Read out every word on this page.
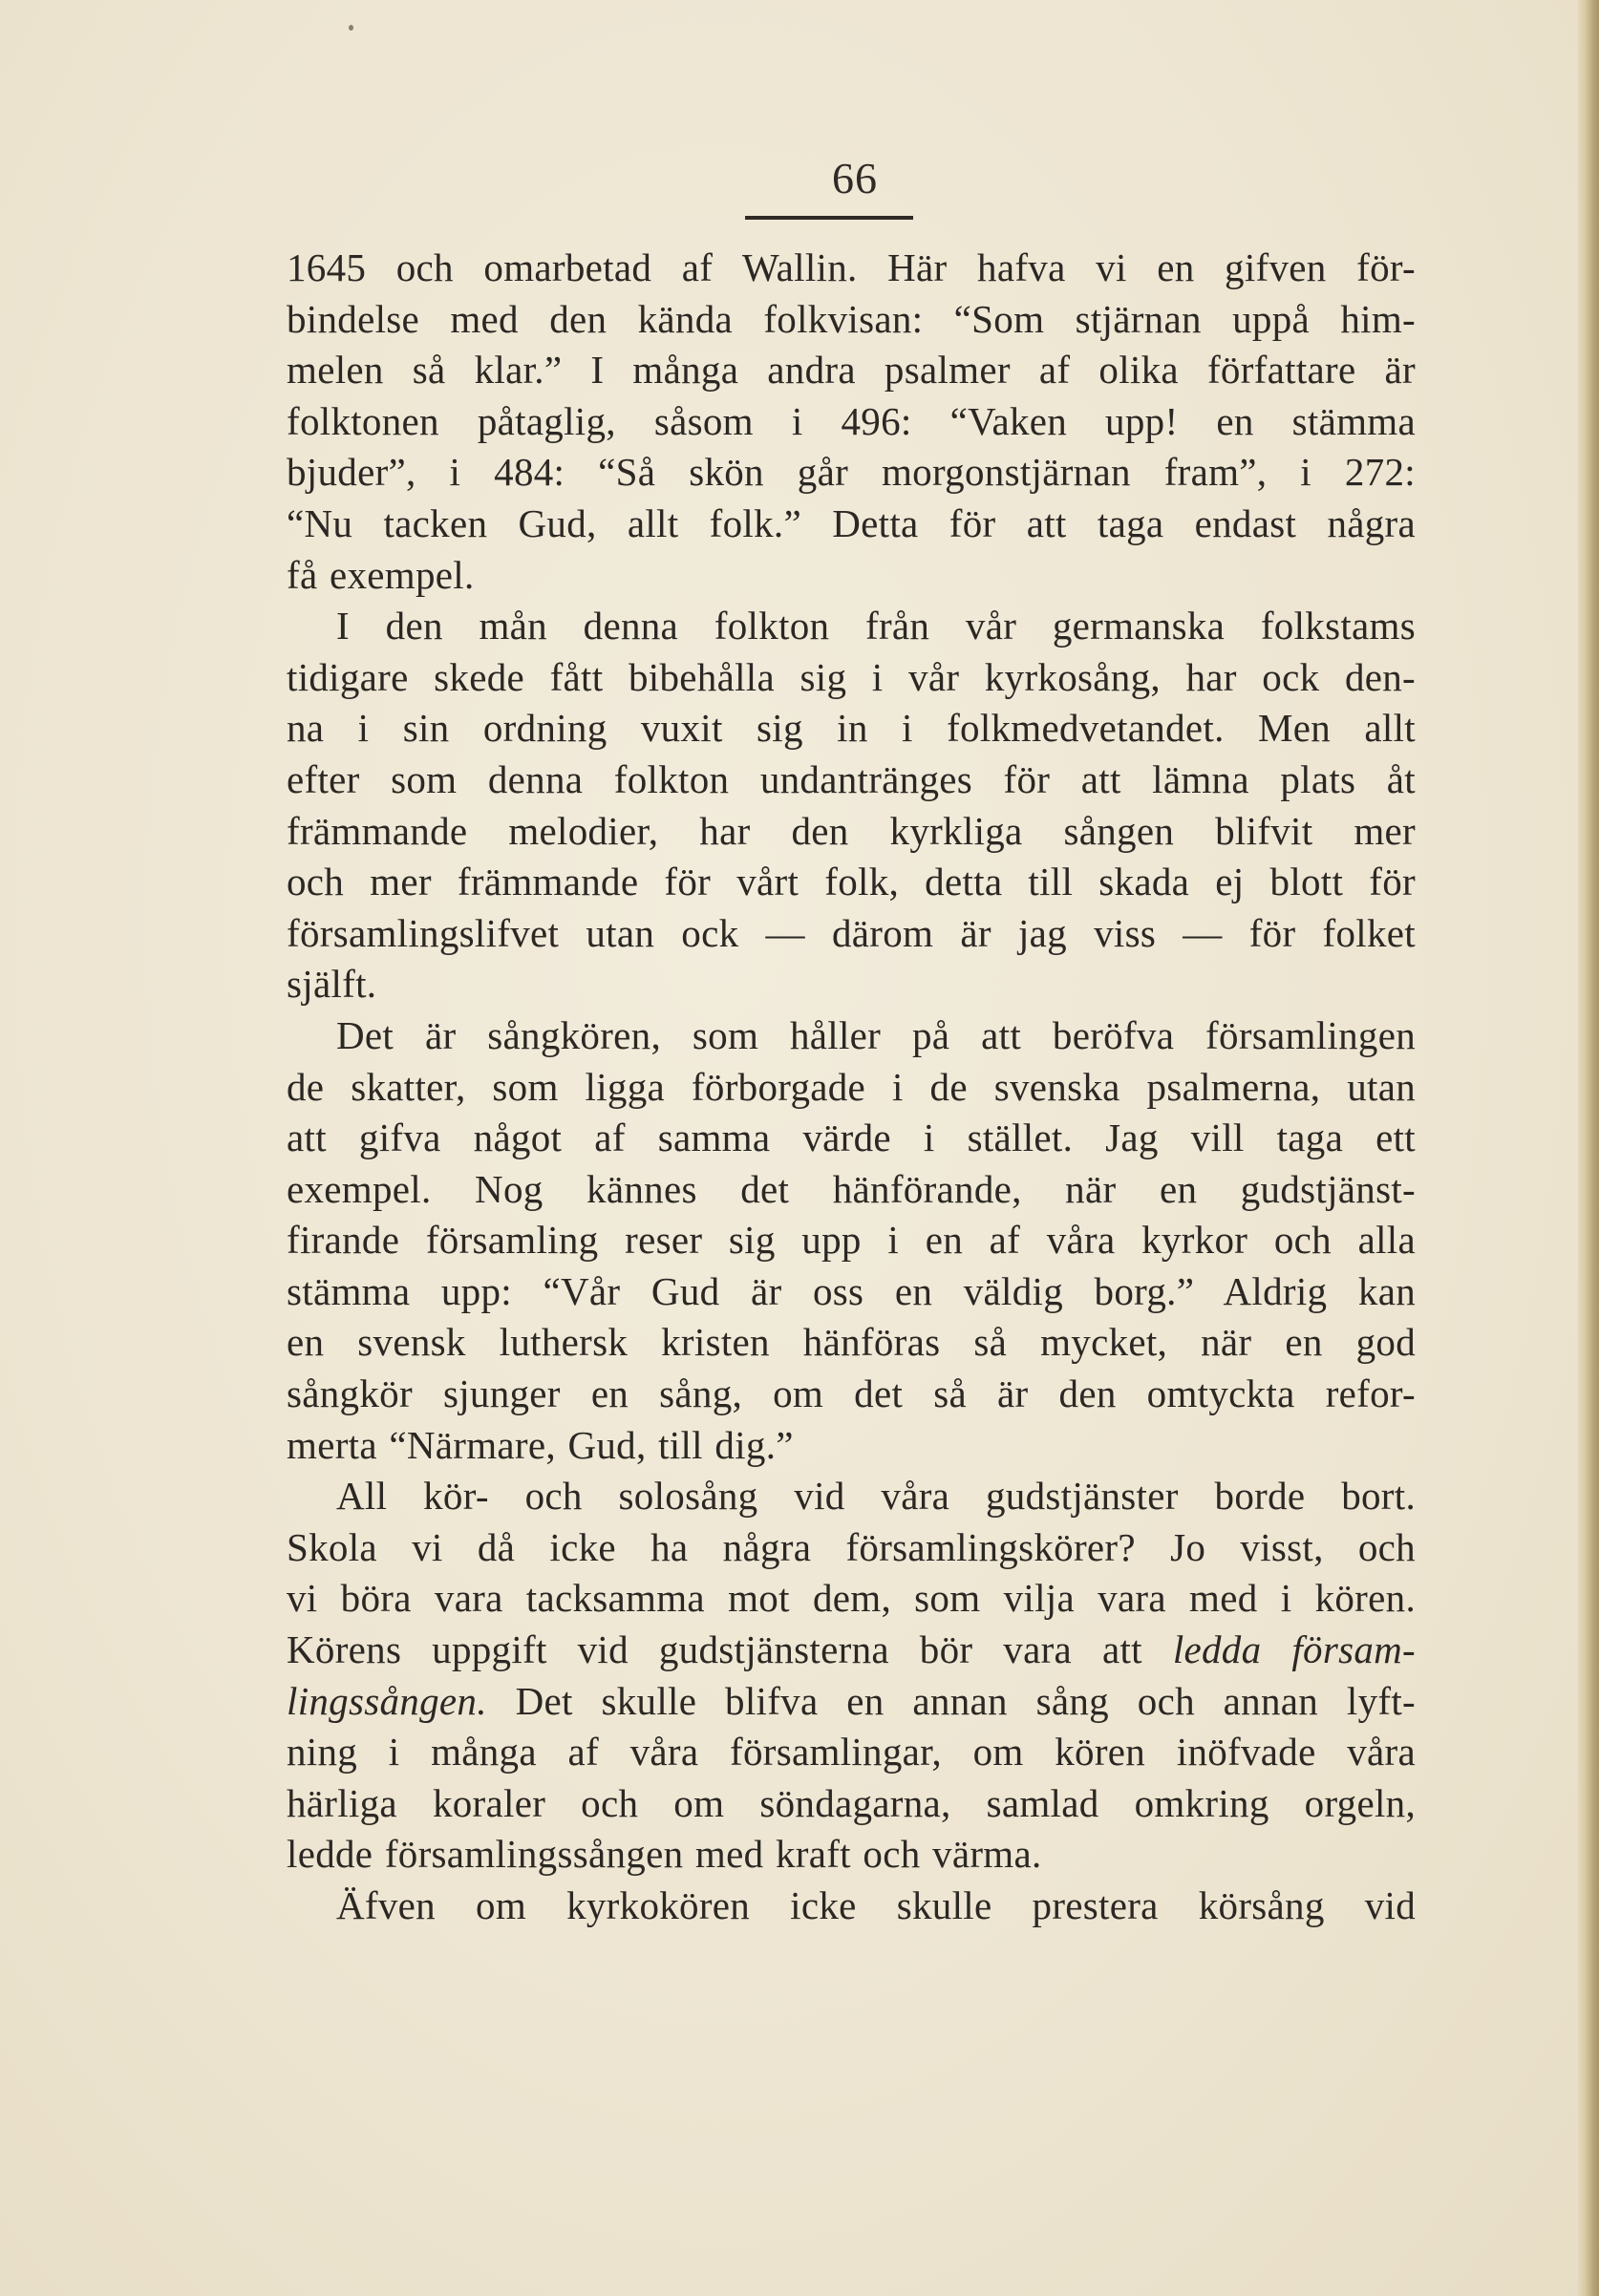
66

1645 och omarbetad af Wallin. Här hafva vi en gifven för-

bindelse med den kända folkvisan: “Som stjärnan uppå him-

melen så klar.” I många andra psalmer af olika författare är

folktonen påtaglig, såsom i 496: “Vaken upp! en stämma

bjuder”, i 484: “Så skön går morgonstjärnan fram”, i 272:

“Nu tacken Gud, allt folk.” Detta för att taga endast några

få exempel.

I den mån denna folkton från vår germanska folkstams

tidigare skede fått bibehålla sig i vår kyrkosång, har ock den-

na i sin ordning vuxit sig in i folkmedvetandet. Men allt

efter som denna folkton undantränges för att lämna plats åt

främmande melodier, har den kyrkliga sången blifvit mer

och mer främmande för vårt folk, detta till skada ej blott för

församlingslifvet utan ock — därom är jag viss — för folket

själft.

Det är sångkören, som håller på att beröfva församlingen

de skatter, som ligga förborgade i de svenska psalmerna, utan

att gifva något af samma värde i stället. Jag vill taga ett

exempel. Nog kännes det hänförande, när en gudstjänst-

firande församling reser sig upp i en af våra kyrkor och alla

stämma upp: “Vår Gud är oss en väldig borg.” Aldrig kan

en svensk luthersk kristen hänföras så mycket, när en god

sångkör sjunger en sång, om det så är den omtyckta refor-

merta “Närmare, Gud, till dig.”

All kör- och solosång vid våra gudstjänster borde bort.

Skola vi då icke ha några församlingskörer? Jo visst, och

vi böra vara tacksamma mot dem, som vilja vara med i kören.

Körens uppgift vid gudstjänsterna bör vara att ledda försam-

lingssången. Det skulle blifva en annan sång och annan lyft-

ning i många af våra församlingar, om kören inöfvade våra

härliga koraler och om söndagarna, samlad omkring orgeln,

ledde församlingssången med kraft och värma.

Äfven om kyrkokören icke skulle prestera körsång vid
